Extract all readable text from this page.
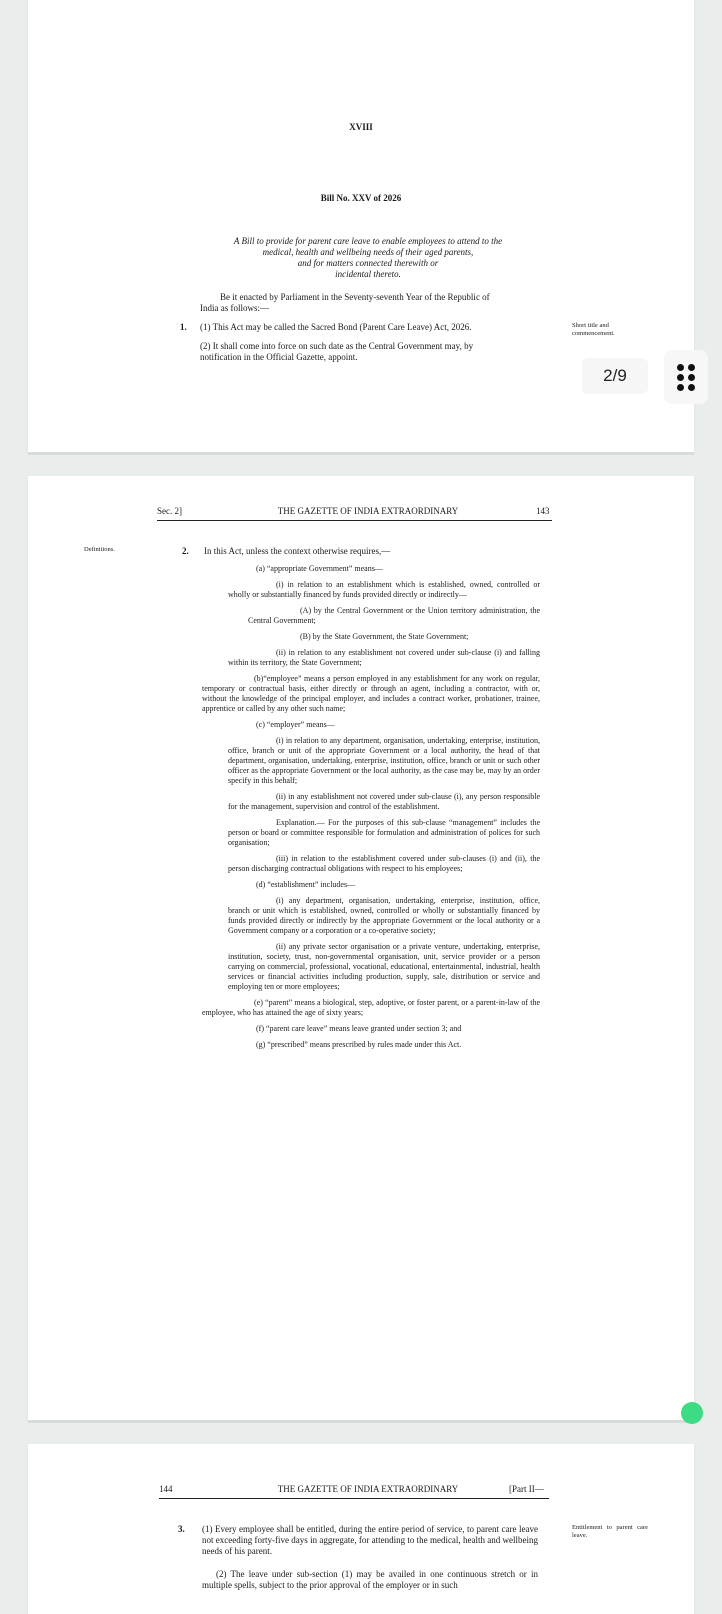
XVIII
Bill No. XXV of 2026
A Bill to provide for parent care leave to enable employees to attend to the
medical, health and wellbeing needs of their aged parents,
and for matters connected therewith or
incidental thereto.
Be it enacted by Parliament in the Seventy-seventh Year of the Republic of
India as follows:—
1. (1) This Act may be called the Sacred Bond (Parent Care Leave) Act, 2026.
(2) It shall come into force on such date as the Central Government may, by
notification in the Official Gazette, appoint.
Short title and
commencement.
2/9
Sec. 2]	THE GAZETTE OF INDIA EXTRAORDINARY	143
Definitions.	2. In this Act, unless the context otherwise requires,—
(a) “appropriate Government” means—
(i) in relation to an establishment which is established, owned, controlled or wholly or substantially financed by funds provided directly or indirectly—
(A) by the Central Government or the Union territory administration, the Central Government;
(B) by the State Government, the State Government;
(ii) in relation to any establishment not covered under sub-clause (i) and falling within its territory, the State Government;
(b)“employee” means a person employed in any establishment for any work on regular, temporary or contractual basis, either directly or through an agent, including a contractor, with or, without the knowledge of the principal employer, and includes a contract worker, probationer, trainee, apprentice or called by any other such name;
(c) “employer” means—
(i) in relation to any department, organisation, undertaking, enterprise, institution, office, branch or unit of the appropriate Government or a local authority, the head of that department, organisation, undertaking, enterprise, institution, office, branch or unit or such other officer as the appropriate Government or the local authority, as the case may be, may by an order specify in this behalf;
(ii) in any establishment not covered under sub-clause (i), any person responsible for the management, supervision and control of the establishment.
Explanation.— For the purposes of this sub-clause “management” includes the person or board or committee responsible for formulation and administration of polices for such organisation;
(iii) in relation to the establishment covered under sub-clauses (i) and (ii), the person discharging contractual obligations with respect to his employees;
(d) “establishment” includes—
(i) any department, organisation, undertaking, enterprise, institution, office, branch or unit which is established, owned, controlled or wholly or substantially financed by funds provided directly or indirectly by the appropriate Government or the local authority or a Government company or a corporation or a co-operative society;
(ii) any private sector organisation or a private venture, undertaking, enterprise, institution, society, trust, non-governmental organisation, unit, service provider or a person carrying on commercial, professional, vocational, educational, entertainmental, industrial, health services or financial activities including production, supply, sale, distribution or service and employing ten or more employees;
(e) “parent” means a biological, step, adoptive, or foster parent, or a parent-in-law of the employee, who has attained the age of sixty years;
(f) “parent care leave” means leave granted under section 3; and
(g) “prescribed” means prescribed by rules made under this Act.
144	THE GAZETTE OF INDIA EXTRAORDINARY	[Part II—
3. (1) Every employee shall be entitled, during the entire period of service, to parent care leave not exceeding forty-five days in aggregate, for attending to the medical, health and wellbeing needs of his parent.
(2) The leave under sub-section (1) may be availed in one continuous stretch or in multiple spells, subject to the prior approval of the employer or in such
Entitlement to parent care leave.
